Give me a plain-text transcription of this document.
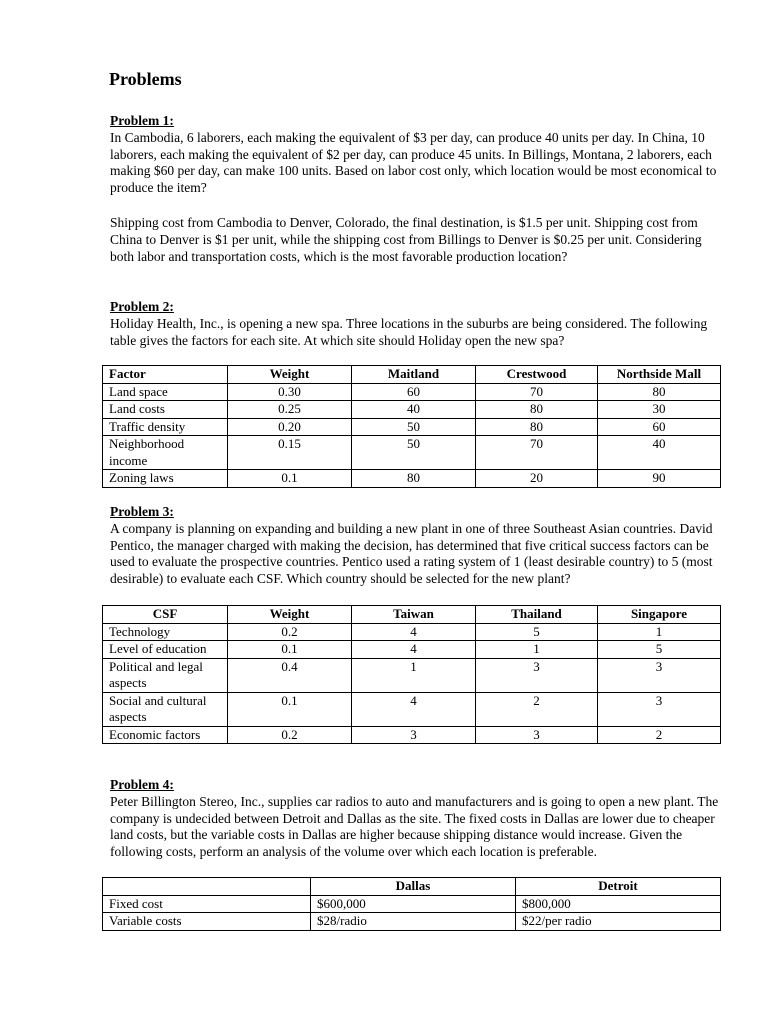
Problems
Problem 1:

In Cambodia, 6 laborers, each making the equivalent of $3 per day, can produce 40 units per day. In China, 10 laborers, each making the equivalent of $2 per day, can produce 45 units. In Billings, Montana, 2 laborers, each making $60 per day, can make 100 units. Based on labor cost only, which location would be most economical to produce the item?

Shipping cost from Cambodia to Denver, Colorado, the final destination, is $1.5 per unit. Shipping cost from China to Denver is $1 per unit, while the shipping cost from Billings to Denver is $0.25 per unit. Considering both labor and transportation costs, which is the most favorable production location?

Problem 2:

Holiday Health, Inc., is opening a new spa. Three locations in the suburbs are being considered. The following table gives the factors for each site. At which site should Holiday open the new spa?

Factor	Weight	Maitland	Crestwood	Northside Mall
Land space	0.30	60	70	80
Land costs	0.25	40	80	30
Traffic density	0.20	50	80	60
Neighborhood income	0.15	50	70	40
Zoning laws	0.1	80	20	90
Problem 3:

A company is planning on expanding and building a new plant in one of three Southeast Asian countries. David Pentico, the manager charged with making the decision, has determined that five critical success factors can be used to evaluate the prospective countries. Pentico used a rating system of 1 (least desirable country) to 5 (most desirable) to evaluate each CSF. Which country should be selected for the new plant?

CSF	Weight	Taiwan	Thailand	Singapore
Technology	0.2	4	5	1
Level of education	0.1	4	1	5
Political and legal aspects	0.4	1	3	3
Social and cultural aspects	0.1	4	2	3
Economic factors	0.2	3	3	2
Problem 4:

Peter Billington Stereo, Inc., supplies car radios to auto and manufacturers and is going to open a new plant. The company is undecided between Detroit and Dallas as the site. The fixed costs in Dallas are lower due to cheaper land costs, but the variable costs in Dallas are higher because shipping distance would increase. Given the following costs, perform an analysis of the volume over which each location is preferable.

	Dallas	Detroit
Fixed cost	$600,000	$800,000
Variable costs	$28/radio	$22/per radio
